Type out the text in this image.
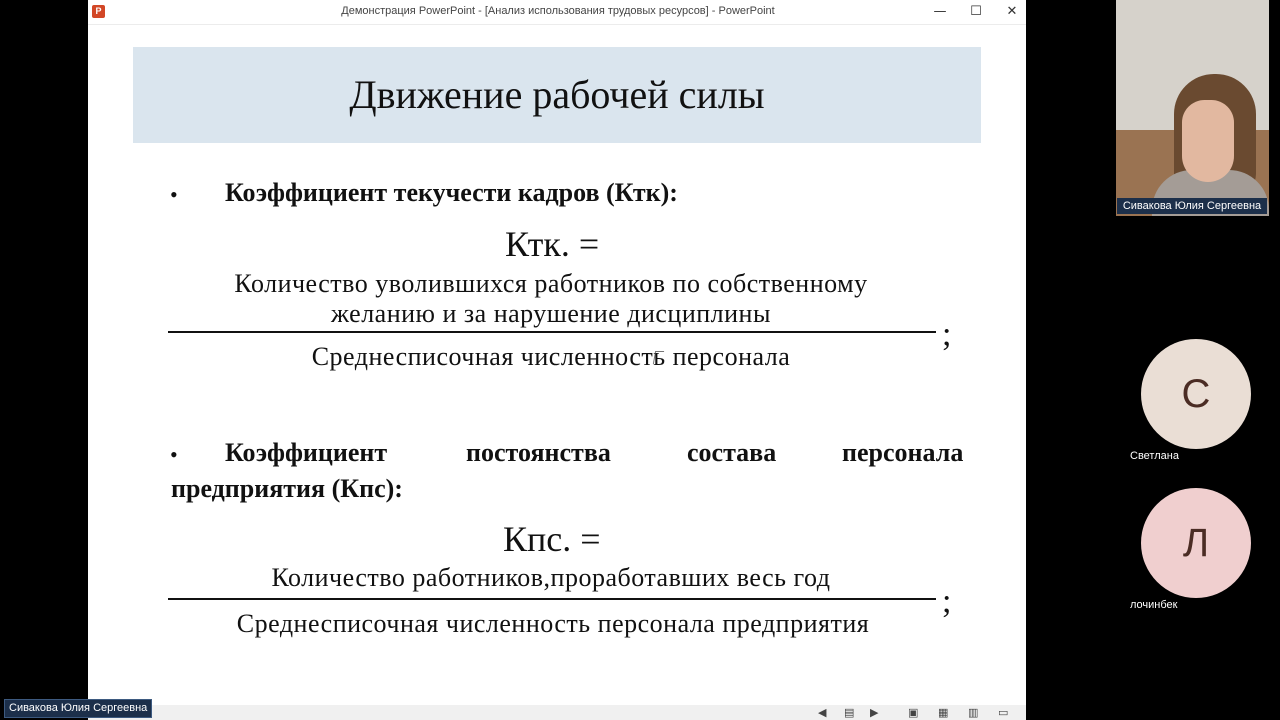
P	Демонстрация PowerPoint - [Анализ использования трудовых ресурсов] - PowerPoint	—	☐	✕
Движение рабочей силы
• Коэффициент текучести кадров (Ктк):
Ктк. =
Количество уволившихся работников по собственному
желанию и за нарушение дисциплины
;
Среднесписочная численность персонала
• Коэффициент	постоянства	состава	персонала
предприятия (Кпс):
Кпс. =
Количество работников,проработавших весь год
;
Среднесписочная численность персонала предприятия
◀ ▤ ▶	▣ ▦ ▥ ▭
Сивакова Юлия Сергеевна
С
Светлана
Л
лочинбек
Сивакова Юлия Сергеевна
